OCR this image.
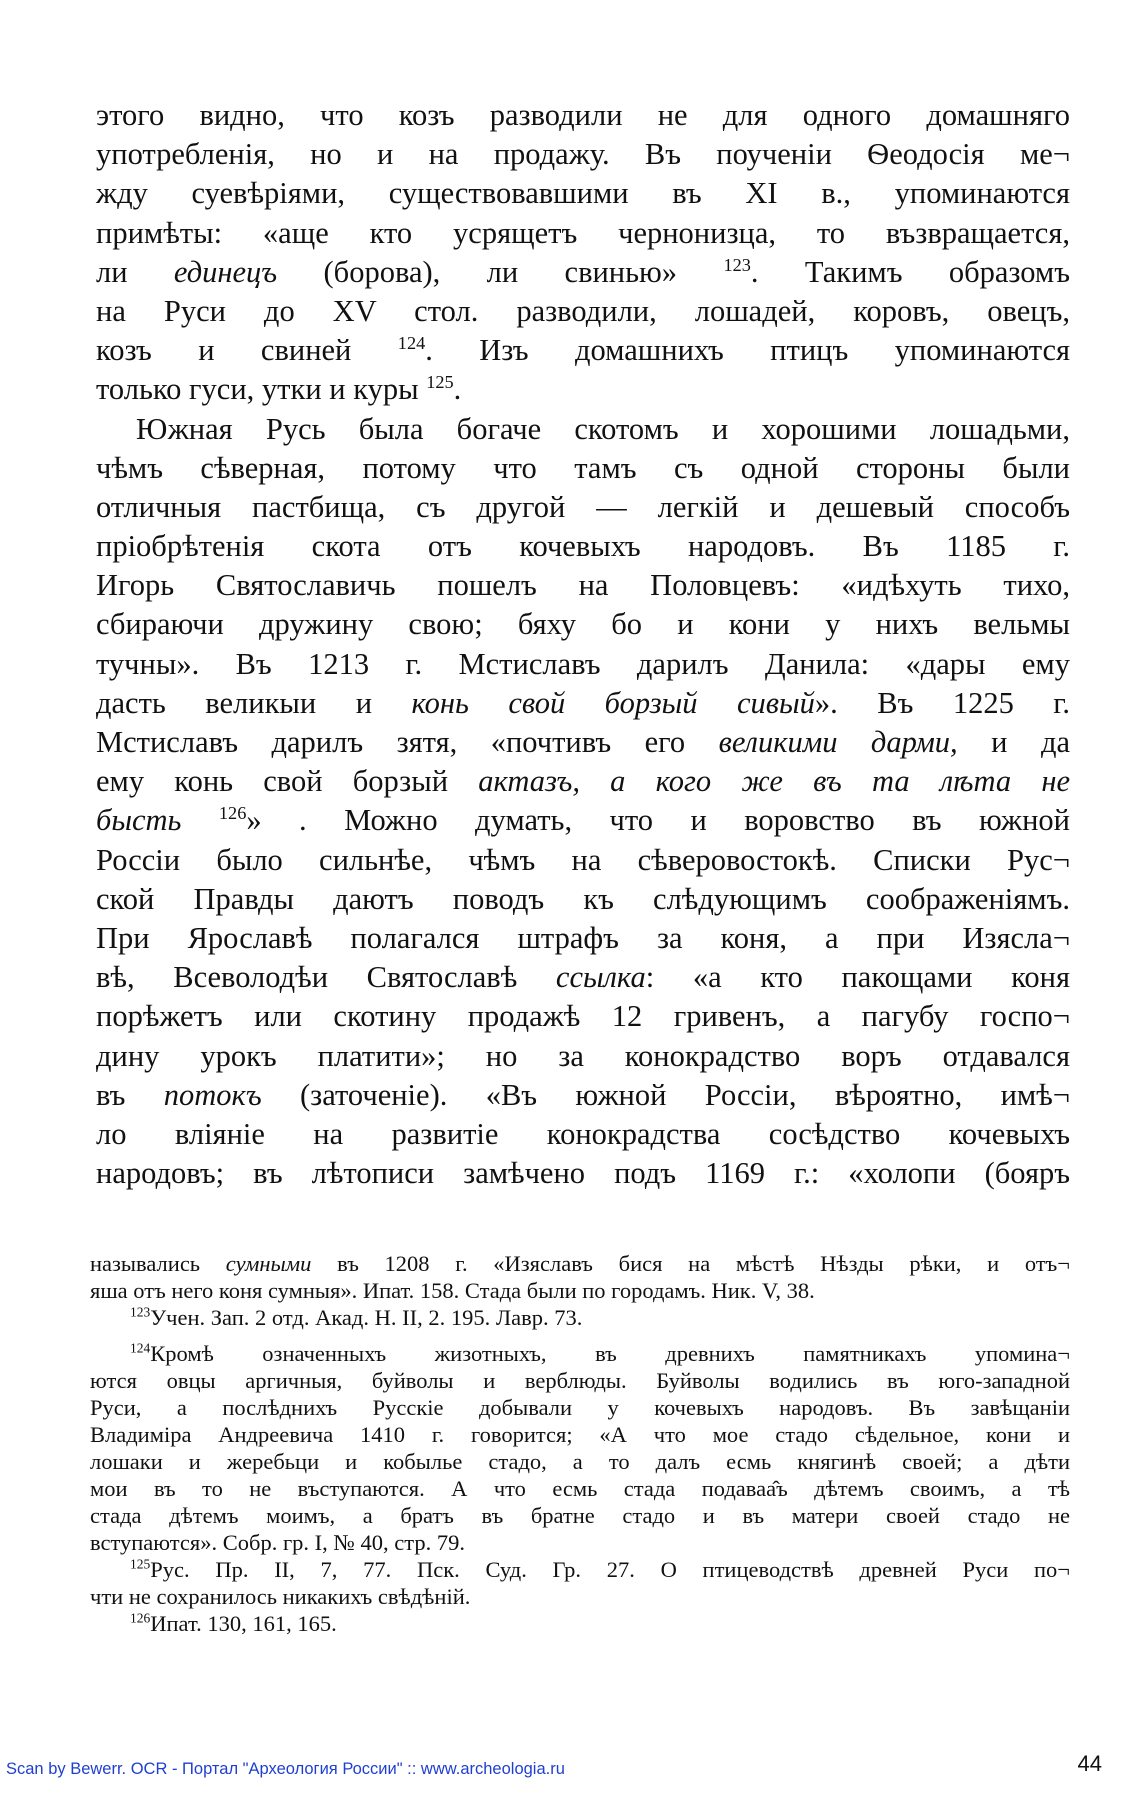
этого видно, что козъ разводили не для одного домашняго
употребленія, но и на продажу. Въ поученіи Ѳеодосія ме¬
жду суевѣріями, существовавшими въ XI в., упоминаются
примѣты: «аще кто усрящетъ чернонизца, то възвращается,
ли единецъ (борова), ли свинью»	$^{123}$. Такимъ образомъ
на Руси до XV стол. разводили, лошадей, коровъ, овецъ,
козъ и свиней	$^{124}$. Изъ домашнихъ птицъ упоминаются
только гуси, утки и куры $^{125}$.
Южная Русь была богаче скотомъ и хорошими лошадьми,
чѣмъ сѣверная, потому что тамъ съ одной стороны были
отличныя пастбища, съ другой — легкій и дешевый способъ
пріобрѣтенія скота отъ кочевыхъ народовъ. Въ 1185 г.
Игорь Святославичь пошелъ на Половцевъ: «идѣхуть тихо,
сбираючи дружину свою; бяху бо и кони у нихъ вельмы
тучны». Въ 1213 г. Мстиславъ дарилъ Данила: «дары ему
дасть великыи и конь свой борзый сивый». Въ 1225 г.
Мстиславъ дарилъ зятя, «почтивъ его великими дарми, и да
ему конь свой борзый актазъ, а кого же въ та лѣта не
бысть $^{126}$» . Можно думать, что и воровство въ южной
Россіи было сильнѣе, чѣмъ на сѣверовостокѣ. Списки Рус¬
ской Правды даютъ поводъ къ слѣдующимъ соображеніямъ.
При Ярославѣ полагался штрафъ за коня, а при Изясла¬
вѣ, Всеволодѣи Святославѣ ссылка: «а кто пакощами коня
порѣжетъ или скотину продажѣ 12 гривенъ, а пагубу госпо¬
дину урокъ платити»; но за конокрадство воръ отдавался
въ потокъ (заточеніе). «Въ южной Россіи, вѣроятно, имѣ¬
ло вліяніе на развитіе конокрадства сосѣдство кочевыхъ
народовъ; въ лѣтописи замѣчено подъ 1169 г.: «холопи (бояръ
назывались сумными въ 1208 г. «Изяславъ бися на мѣстѣ Нѣзды рѣки, и отъ¬
яша отъ него коня сумныя». Ипат. 158. Стада были по городамъ. Ник. V, 38.
$^{123}$Учен. Зап. 2 отд. Акад. Н. II, 2. 195. Лавр. 73.
$^{124}$Кромѣ означенныхъ жизотныхъ, въ древнихъ памятникахъ упомина¬
ются овцы аргичныя, буйволы и верблюды. Буйволы водились въ юго-западной
Руси, а послѣднихъ Русскіе добывали у кочевыхъ народовъ. Въ завѣщаніи
Владиміра Андреевича 1410 г. говорится; «А что мое стадо сѣдельное, кони и
лошаки и жеребьци и кобылье стадо, а то далъ есмь княгинѣ своей; а дѣти
мои въ то не въступаются. А что есмь стада подаваа̂ъ дѣтемъ своимъ, а тѣ
стада дѣтемъ моимъ, а братъ въ братне стадо и въ матери своей стадо не
вступаются». Собр. гр. I, № 40, стр. 79.
$^{125}$Рус. Пр. II, 7, 77. Пск. Суд. Гр. 27. О птицеводствѣ древней Руси по¬
чти не сохранилось никакихъ свѣдѣній.
$^{126}$Ипат. 130, 161, 165.
Scan by Bewerr. OCR - Портал "Археология России" :: www.archeologia.ru	44
